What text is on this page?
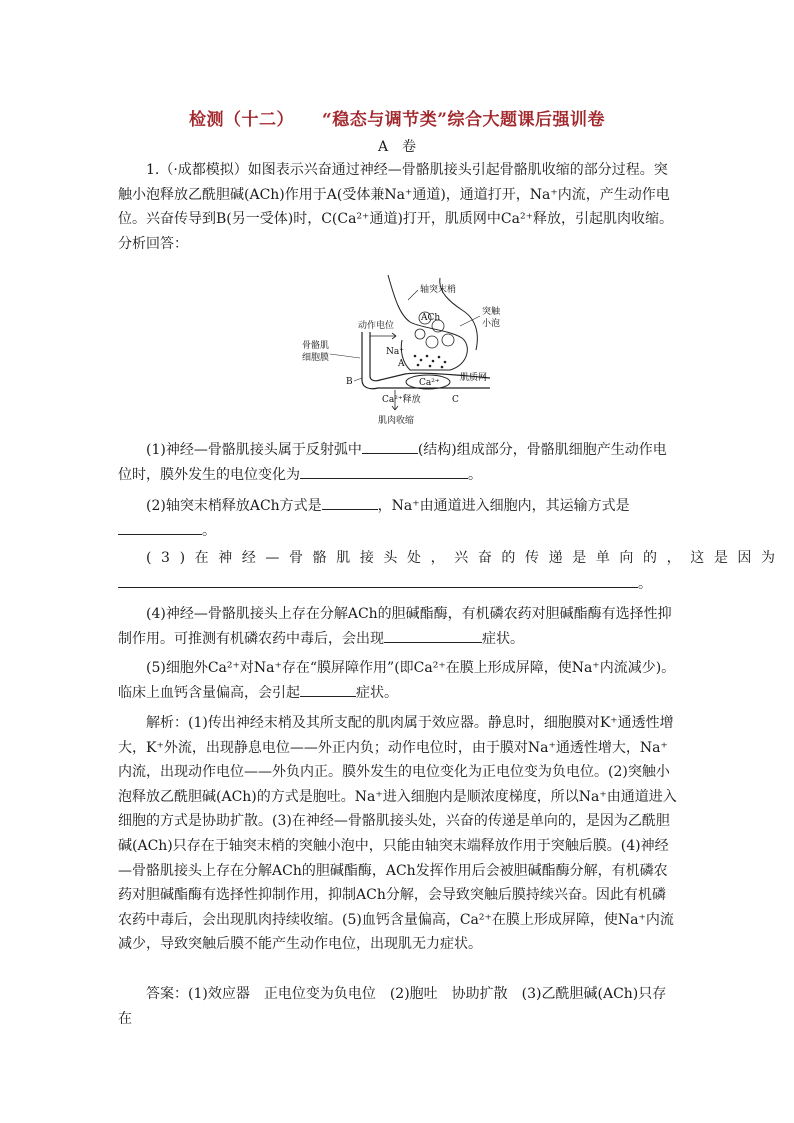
检测（十二） “稳态与调节类”综合大题课后强训卷
A　卷

1.（·成都模拟）如图表示兴奋通过神经—骨骼肌接头引起骨骼肌收缩的部分过程。突触小泡释放乙酰胆碱(ACh)作用于A(受体兼Na⁺通道)，通道打开，Na⁺内流，产生动作电位。兴奋传导到B(另一受体)时，C(Ca²⁺通道)打开，肌质网中Ca²⁺释放，引起肌肉收缩。分析回答：

ACh
Ca²⁺
轴突末梢
突触
小泡
动作电位
骨骼肌
细胞膜
Na⁺
A
B
C
肌质网
Ca²⁺释放
肌肉收缩

(1)神经—骨骼肌接头属于反射弧中	(结构)组成部分，骨骼肌细胞产生动作电位时，膜外发生的电位变化为	。

(2)轴突末梢释放ACh方式是	，Na⁺由通道进入细胞内，其运输方式是。

(3)在神经—骨骼肌接头处，兴奋的传递是单向的，这是因为
。

(4)神经—骨骼肌接头上存在分解ACh的胆碱酯酶，有机磷农药对胆碱酯酶有选择性抑制作用。可推测有机磷农药中毒后，会出现	症状。

(5)细胞外Ca²⁺对Na⁺存在“膜屏障作用”(即Ca²⁺在膜上形成屏障，使Na⁺内流减少)。临床上血钙含量偏高，会引起	症状。

解析：(1)传出神经末梢及其所支配的肌肉属于效应器。静息时，细胞膜对K⁺通透性增大，K⁺外流，出现静息电位——外正内负；动作电位时，由于膜对Na⁺通透性增大，Na⁺内流，出现动作电位——外负内正。膜外发生的电位变化为正电位变为负电位。(2)突触小泡释放乙酰胆碱(ACh)的方式是胞吐。Na⁺进入细胞内是顺浓度梯度，所以Na⁺由通道进入细胞的方式是协助扩散。(3)在神经—骨骼肌接头处，兴奋的传递是单向的，是因为乙酰胆碱(ACh)只存在于轴突末梢的突触小泡中，只能由轴突末端释放作用于突触后膜。(4)神经—骨骼肌接头上存在分解ACh的胆碱酯酶，ACh发挥作用后会被胆碱酯酶分解，有机磷农药对胆碱酯酶有选择性抑制作用，抑制ACh分解，会导致突触后膜持续兴奋。因此有机磷农药中毒后，会出现肌肉持续收缩。(5)血钙含量偏高，Ca²⁺在膜上形成屏障，使Na⁺内流减少，导致突触后膜不能产生动作电位，出现肌无力症状。

答案：(1)效应器　正电位变为负电位　(2)胞吐　协助扩散　(3)乙酰胆碱(ACh)只存在
